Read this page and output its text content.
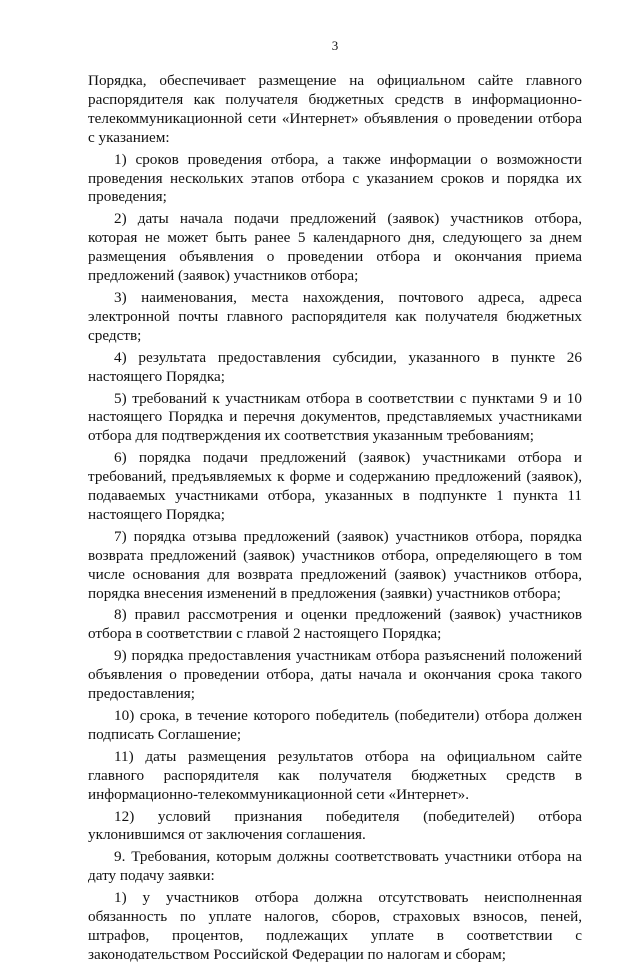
3

Порядка, обеспечивает размещение на официальном сайте главного распорядителя как получателя бюджетных средств в информационно-телекоммуникационной сети «Интернет» объявления о проведении отбора с указанием:

1) сроков проведения отбора, а также информации о возможности проведения нескольких этапов отбора с указанием сроков и порядка их проведения;

2) даты начала подачи предложений (заявок) участников отбора, которая не может быть ранее 5 календарного дня, следующего за днем размещения объявления о проведении отбора и окончания приема предложений (заявок) участников отбора;

3) наименования, места нахождения, почтового адреса, адреса электронной почты главного распорядителя как получателя бюджетных средств;

4) результата предоставления субсидии, указанного в пункте 26 настоящего Порядка;

5) требований к участникам отбора в соответствии с пунктами 9 и 10 настоящего Порядка и перечня документов, представляемых участниками отбора для подтверждения их соответствия указанным требованиям;

6) порядка подачи предложений (заявок) участниками отбора и требований, предъявляемых к форме и содержанию предложений (заявок), подаваемых участниками отбора, указанных в подпункте 1 пункта 11 настоящего Порядка;

7) порядка отзыва предложений (заявок) участников отбора, порядка возврата предложений (заявок) участников отбора, определяющего в том числе основания для возврата предложений (заявок) участников отбора, порядка внесения изменений в предложения (заявки) участников отбора;

8) правил рассмотрения и оценки предложений (заявок) участников отбора в соответствии с главой 2 настоящего Порядка;

9) порядка предоставления участникам отбора разъяснений положений объявления о проведении отбора, даты начала и окончания срока такого предоставления;

10) срока, в течение которого победитель (победители) отбора должен подписать Соглашение;

11) даты размещения результатов отбора на официальном сайте главного распорядителя как получателя бюджетных средств в информационно-телекоммуникационной сети «Интернет».

12) условий признания победителя (победителей) отбора уклонившимся от заключения соглашения.

9. Требования, которым должны соответствовать участники отбора на дату подачу заявки:

1) у участников отбора должна отсутствовать неисполненная обязанность по уплате налогов, сборов, страховых взносов, пеней, штрафов, процентов, подлежащих уплате в соответствии с законодательством Российской Федерации по налогам и сборам;
